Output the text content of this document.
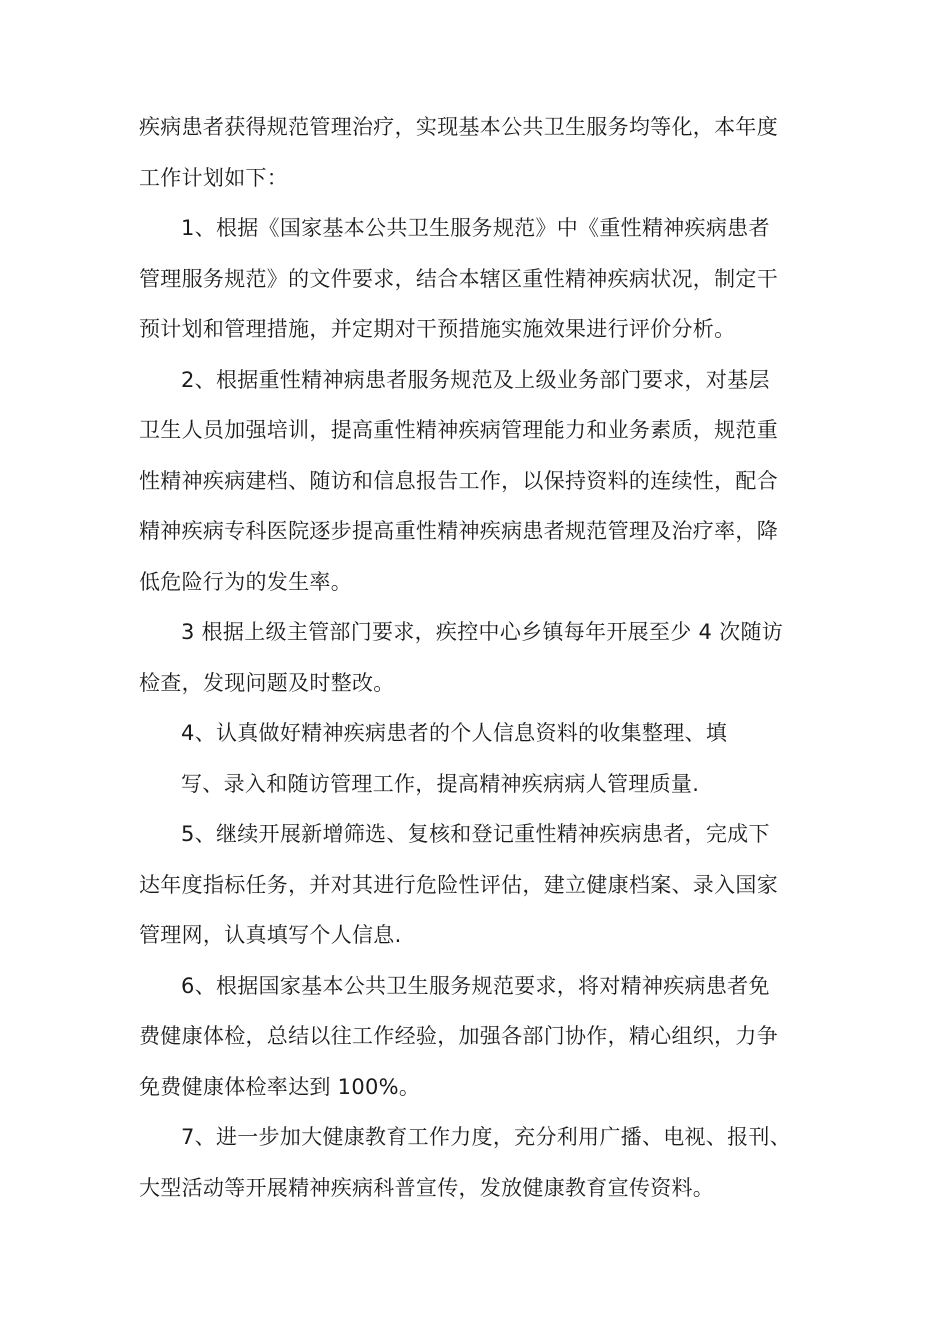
疾病患者获得规范管理治疗，实现基本公共卫生服务均等化，本年度
工作计划如下：

1、根据《国家基本公共卫生服务规范》中《重性精神疾病患者
管理服务规范》的文件要求，结合本辖区重性精神疾病状况，制定干
预计划和管理措施，并定期对干预措施实施效果进行评价分析。

2、根据重性精神病患者服务规范及上级业务部门要求，对基层
卫生人员加强培训，提高重性精神疾病管理能力和业务素质，规范重
性精神疾病建档、随访和信息报告工作，以保持资料的连续性，配合
精神疾病专科医院逐步提高重性精神疾病患者规范管理及治疗率，降
低危险行为的发生率。

3 根据上级主管部门要求，疾控中心乡镇每年开展至少 4 次随访
检查，发现问题及时整改。

4、认真做好精神疾病患者的个人信息资料的收集整理、填
写、录入和随访管理工作，提高精神疾病病人管理质量.

5、继续开展新增筛选、复核和登记重性精神疾病患者，完成下
达年度指标任务，并对其进行危险性评估，建立健康档案、录入国家
管理网，认真填写个人信息.

6、根据国家基本公共卫生服务规范要求，将对精神疾病患者免
费健康体检，总结以往工作经验，加强各部门协作，精心组织，力争
免费健康体检率达到 100%。

7、进一步加大健康教育工作力度，充分利用广播、电视、报刊、
大型活动等开展精神疾病科普宣传，发放健康教育宣传资料。
